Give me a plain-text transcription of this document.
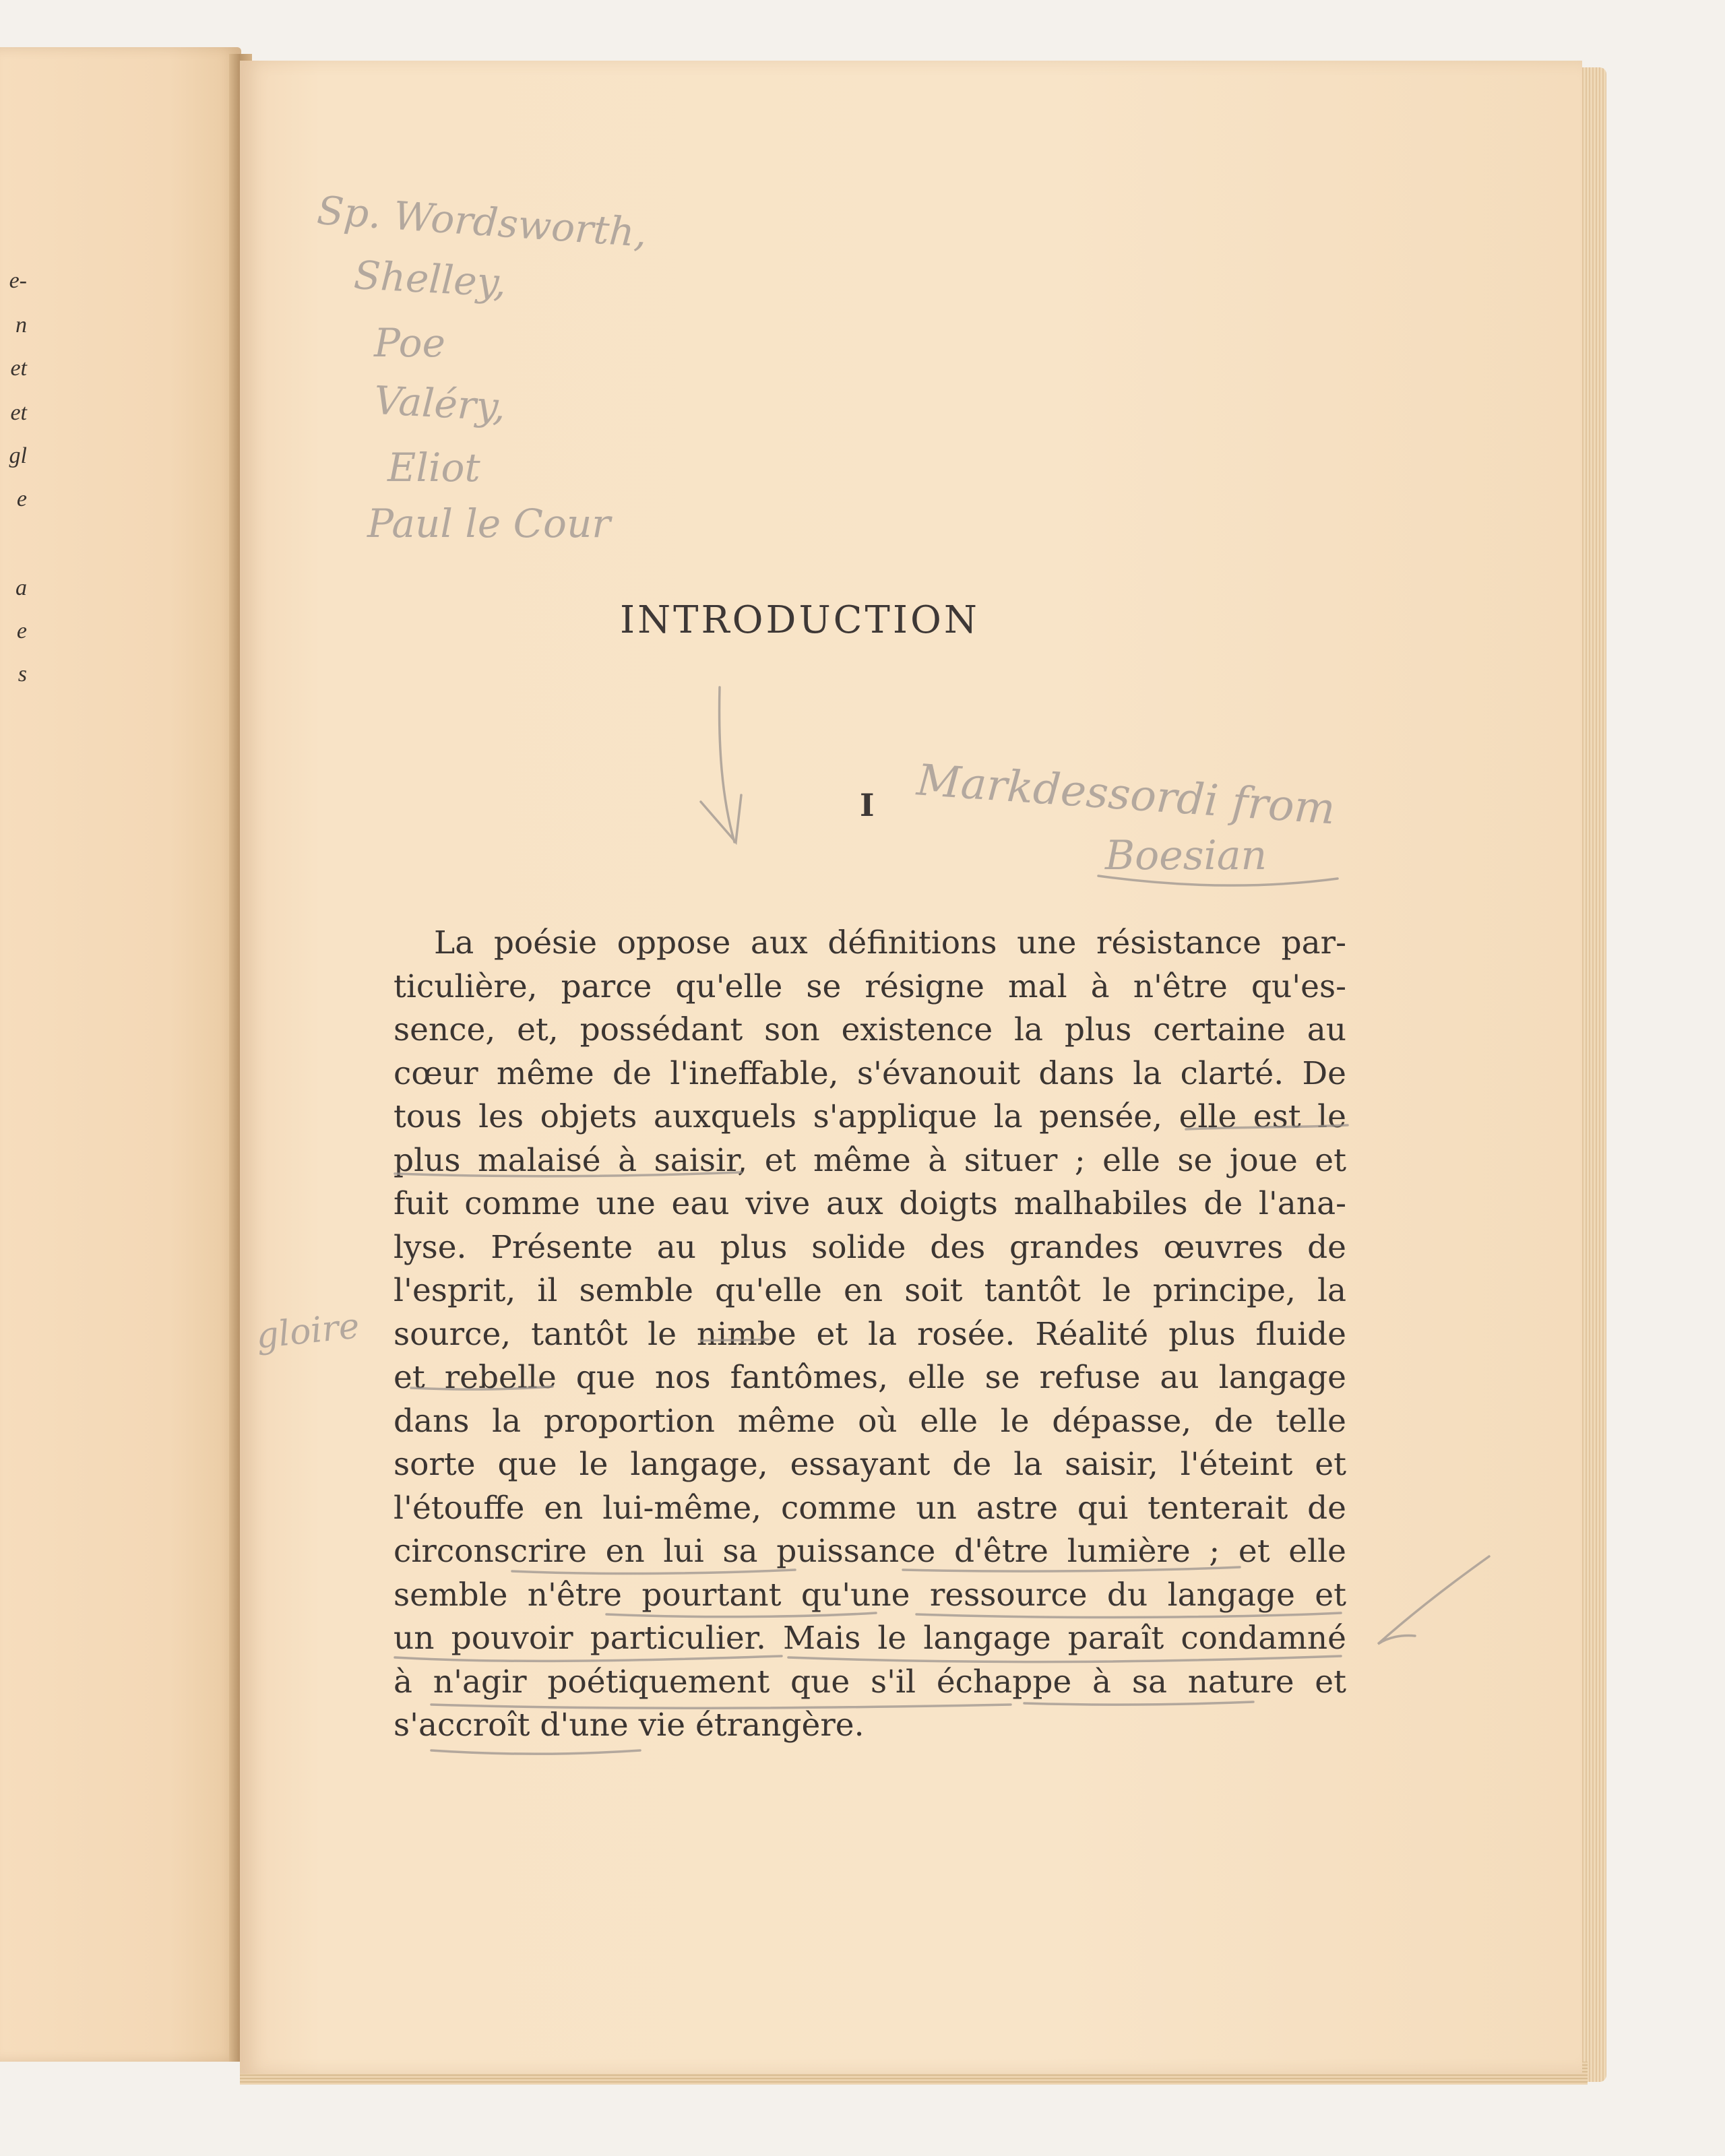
e-
n
et
et
gl
e
a
e
s
Sp. Wordsworth,
Shelley,
Poe
Valéry,
Eliot
Paul le Cour
INTRODUCTION
I Markdessordi from
Boesian
gloire
La poésie oppose aux définitions une résistance par-
ticulière, parce qu'elle se résigne mal à n'être qu'es-
sence, et, possédant son existence la plus certaine au
cœur même de l'ineffable, s'évanouit dans la clarté. De
tous les objets auxquels s'applique la pensée, elle est le
plus malaisé à saisir, et même à situer ; elle se joue et
fuit comme une eau vive aux doigts malhabiles de l'ana-
lyse. Présente au plus solide des grandes œuvres de
l'esprit, il semble qu'elle en soit tantôt le principe, la
source, tantôt le nimbe et la rosée. Réalité plus fluide
et rebelle que nos fantômes, elle se refuse au langage
dans la proportion même où elle le dépasse, de telle
sorte que le langage, essayant de la saisir, l'éteint et
l'étouffe en lui-même, comme un astre qui tenterait de
circonscrire en lui sa puissance d'être lumière ; et elle
semble n'être pourtant qu'une ressource du langage et
un pouvoir particulier. Mais le langage paraît condamné
à n'agir poétiquement que s'il échappe à sa nature et
s'accroît d'une vie étrangère.
